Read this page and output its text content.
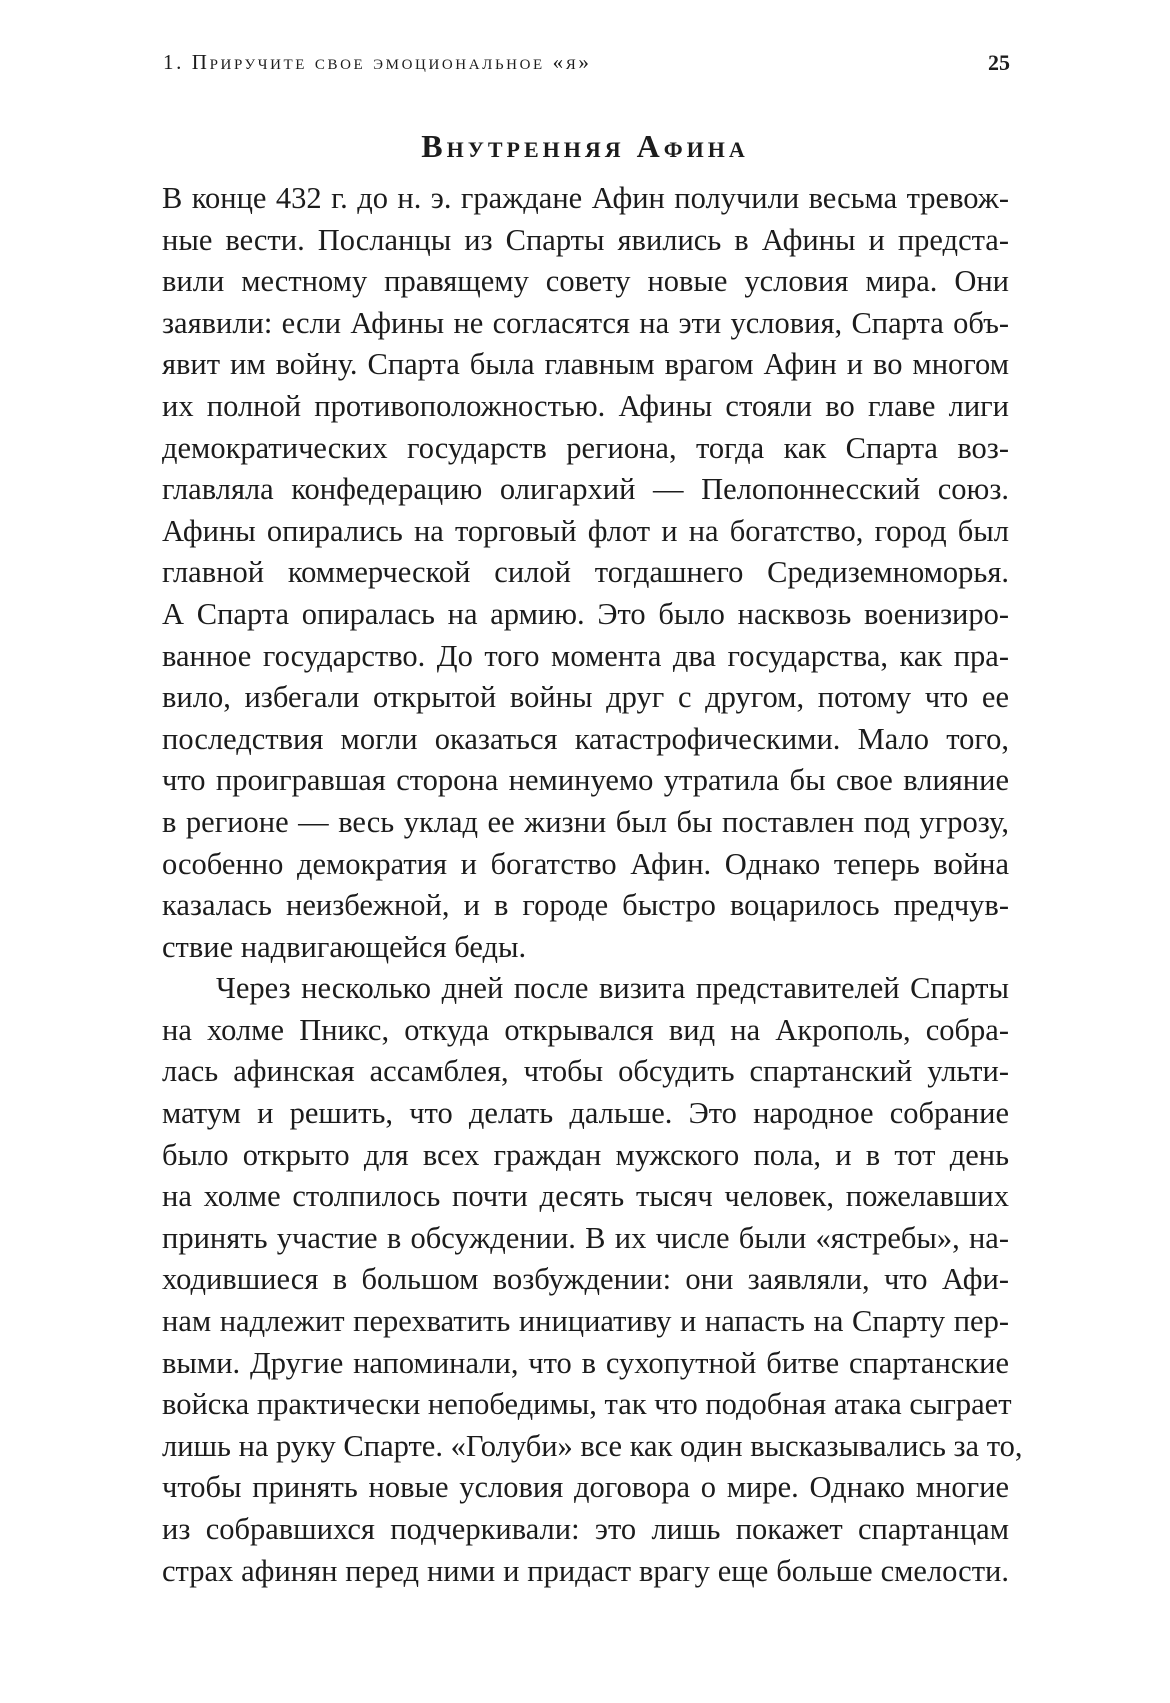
1. Приручите свое эмоциональное «я»	25
Внутренняя Афина
В конце 432 г. до н. э. граждане Афин получили весьма тревож-
ные вести. Посланцы из Спарты явились в Афины и предста-
вили местному правящему совету новые условия мира. Они
заявили: если Афины не согласятся на эти условия, Спарта объ-
явит им войну. Спарта была главным врагом Афин и во многом
их полной противоположностью. Афины стояли во главе лиги
демократических государств региона, тогда как Спарта воз-
главляла конфедерацию олигархий — Пелопоннесский союз.
Афины опирались на торговый флот и на богатство, город был
главной коммерческой силой тогдашнего Средиземноморья.
А Спарта опиралась на армию. Это было насквозь военизиро-
ванное государство. До того момента два государства, как пра-
вило, избегали открытой войны друг с другом, потому что ее
последствия могли оказаться катастрофическими. Мало того,
что проигравшая сторона неминуемо утратила бы свое влияние
в регионе — весь уклад ее жизни был бы поставлен под угрозу,
особенно демократия и богатство Афин. Однако теперь война
казалась неизбежной, и в городе быстро воцарилось предчув-
ствие надвигающейся беды.
Через несколько дней после визита представителей Спарты
на холме Пникс, откуда открывался вид на Акрополь, собра-
лась афинская ассамблея, чтобы обсудить спартанский ульти-
матум и решить, что делать дальше. Это народное собрание
было открыто для всех граждан мужского пола, и в тот день
на холме столпилось почти десять тысяч человек, пожелавших
принять участие в обсуждении. В их числе были «ястребы», на-
ходившиеся в большом возбуждении: они заявляли, что Афи-
нам надлежит перехватить инициативу и напасть на Спарту пер-
выми. Другие напоминали, что в сухопутной битве спартанские
войска практически непобедимы, так что подобная атака сыграет
лишь на руку Спарте. «Голуби» все как один высказывались за то,
чтобы принять новые условия договора о мире. Однако многие
из собравшихся подчеркивали: это лишь покажет спартанцам
страх афинян перед ними и придаст врагу еще больше смелости.
